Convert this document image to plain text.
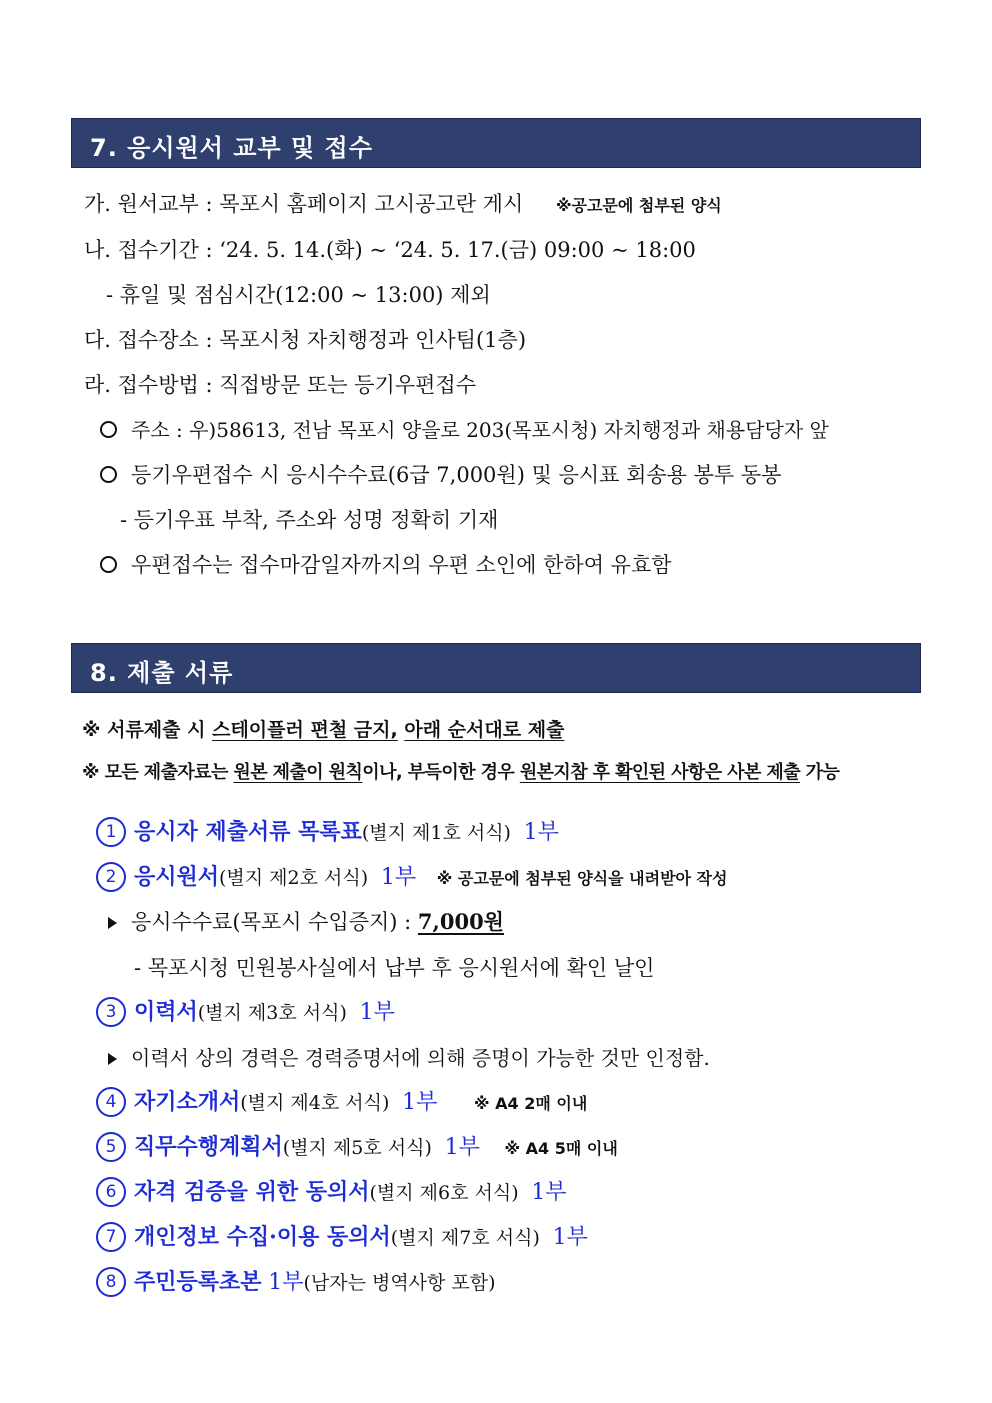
7. 응시원서 교부 및 접수
가. 원서교부 : 목포시 홈페이지 고시공고란 게시 ※공고문에 첨부된 양식
나. 접수기간 : ‘24. 5. 14.(화) ~ ‘24. 5. 17.(금) 09:00 ~ 18:00
- 휴일 및 점심시간(12:00 ~ 13:00) 제외
다. 접수장소 : 목포시청 자치행정과 인사팀(1층)
라. 접수방법 : 직접방문 또는 등기우편접수
주소 : 우)58613, 전남 목포시 양을로 203(목포시청) 자치행정과 채용담당자 앞
등기우편접수 시 응시수수료(6급 7,000원) 및 응시표 회송용 봉투 동봉
- 등기우표 부착, 주소와 성명 정확히 기재
우편접수는 접수마감일자까지의 우편 소인에 한하여 유효함
8. 제출 서류
※ 서류제출 시 스테이플러 편철 금지, 아래 순서대로 제출
※ 모든 제출자료는 원본 제출이 원칙이나, 부득이한 경우 원본지참 후 확인된 사항은 사본 제출 가능
1 응시자 제출서류 목록표(별지 제1호 서식) 1부
2 응시원서(별지 제2호 서식) 1부 ※ 공고문에 첨부된 양식을 내려받아 작성
응시수수료(목포시 수입증지) : 7,000원
- 목포시청 민원봉사실에서 납부 후 응시원서에 확인 날인
3 이력서(별지 제3호 서식) 1부
이력서 상의 경력은 경력증명서에 의해 증명이 가능한 것만 인정함.
4 자기소개서(별지 제4호 서식) 1부 ※ A4 2매 이내
5 직무수행계획서(별지 제5호 서식) 1부 ※ A4 5매 이내
6 자격 검증을 위한 동의서(별지 제6호 서식) 1부
7 개인정보 수집·이용 동의서(별지 제7호 서식) 1부
8 주민등록초본 1부(남자는 병역사항 포함)
